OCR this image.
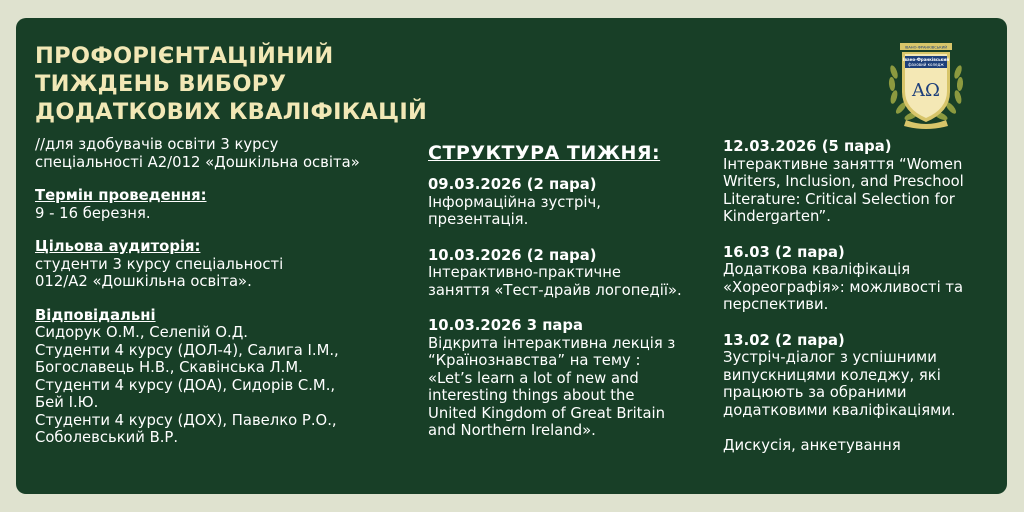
ПРОФОРІЄНТАЦІЙНИЙ
ТИЖДЕНЬ ВИБОРУ
ДОДАТКОВИХ КВАЛІФІКАЦІЙ
ІВАНО-ФРАНКІВСЬКИЙ
Івано-Франківський
фаховий коледж
AΩ
//для здобувачів освіти 3 курсу
спеціальності А2/012 «Дошкільна освіта»
Термін проведення:
9 - 16 березня.
Цільова аудиторія:
студенти 3 курсу спеціальності
012/А2 «Дошкільна освіта».
Відповідальні
Сидорук О.М., Селепій О.Д.
Студенти 4 курсу (ДОЛ-4), Салига І.М.,
Богославець Н.В., Скавінська Л.М.
Студенти 4 курсу (ДОА), Сидорів С.М.,
Бей І.Ю.
Студенти 4 курсу (ДОХ), Павелко Р.О.,
Соболевський В.Р.
СТРУКТУРА ТИЖНЯ:
09.03.2026 (2 пара)
Інформаційна зустріч,
презентація.
10.03.2026 (2 пара)
Інтерактивно-практичне
заняття «Тест-драйв логопедії».
10.03.2026 3 пара
Відкрита інтерактивна лекція з
“Країнознавства” на тему :
«Let’s learn a lot of new and
interesting things about the
United Kingdom of Great Britain
and Northern Ireland».
12.03.2026 (5 пара)
Інтерактивне заняття “Women
Writers, Inclusion, and Preschool
Literature: Critical Selection for
Kindergarten”.
16.03 (2 пара)
Додаткова кваліфікація
«Хореографія»: можливості та
перспективи.
13.02 (2 пара)
Зустріч-діалог з успішними
випускницями коледжу, які
працюють за обраними
додатковими кваліфікаціями.
Дискусія, анкетування
